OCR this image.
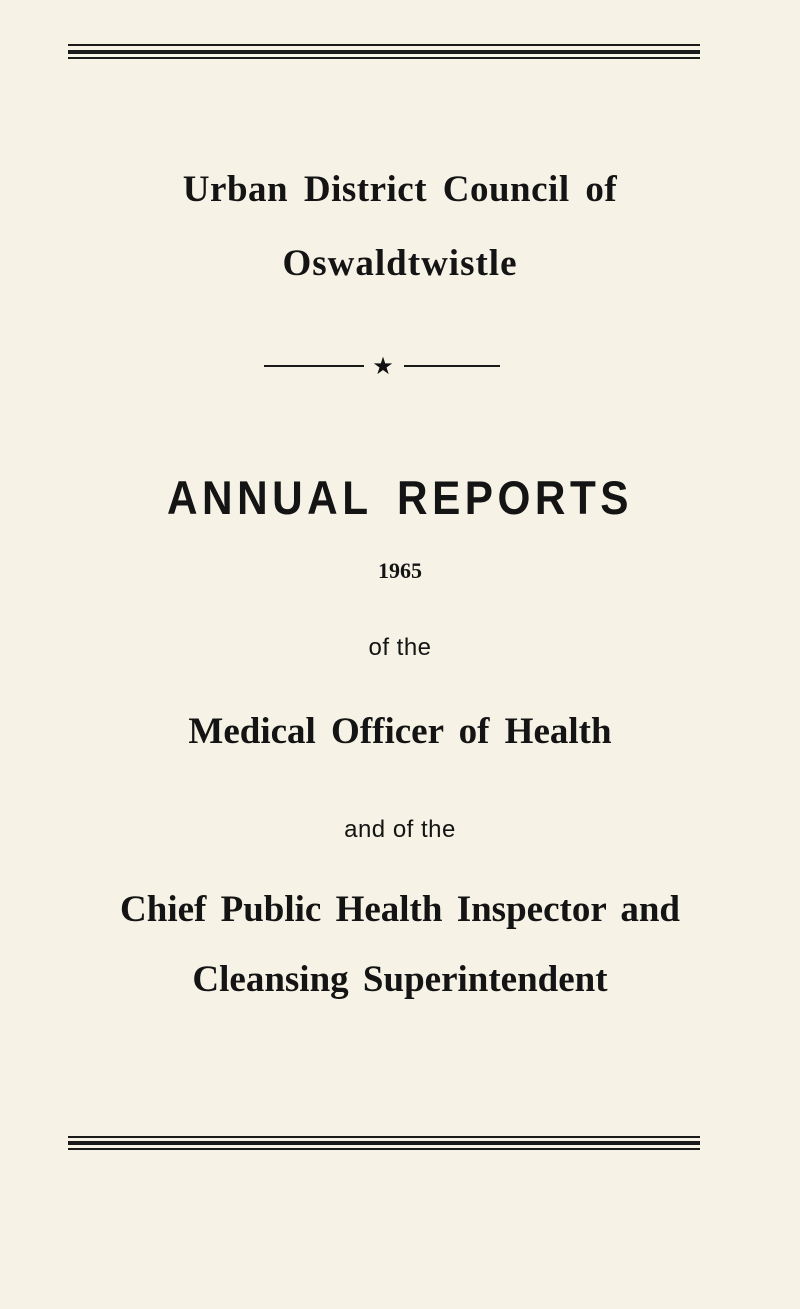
Urban District Council of
Oswaldtwistle
★
ANNUAL REPORTS
1965
of the
Medical Officer of Health
and of the
Chief Public Health Inspector and
Cleansing Superintendent
